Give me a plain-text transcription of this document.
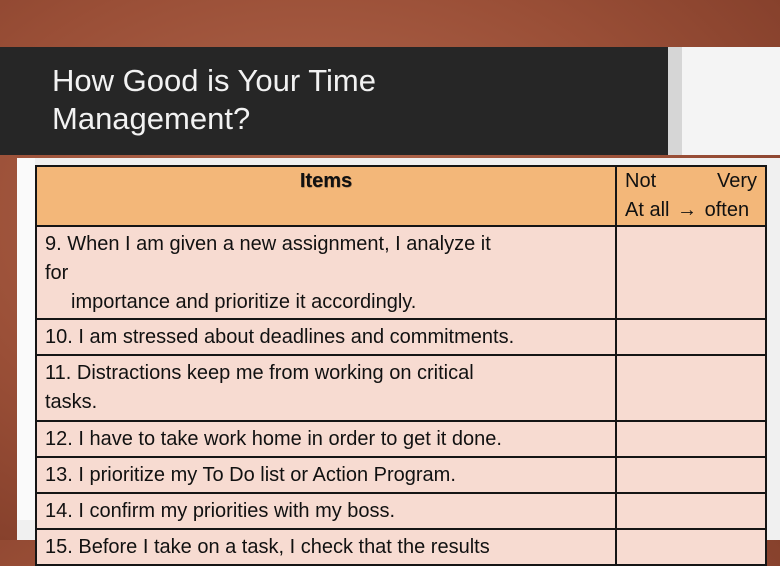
How Good is Your Time
Management?
Items	Not Very
At all → often

9. When I am given a new assignment, I analyze it
for
importance and prioritize it accordingly.	

10. I am stressed about deadlines and commitments.	

11. Distractions keep me from working on critical
tasks.	

12. I have to take work home in order to get it done.	

13. I prioritize my To Do list or Action Program.	

14. I confirm my priorities with my boss.	

15. Before I take on a task, I check that the results	
